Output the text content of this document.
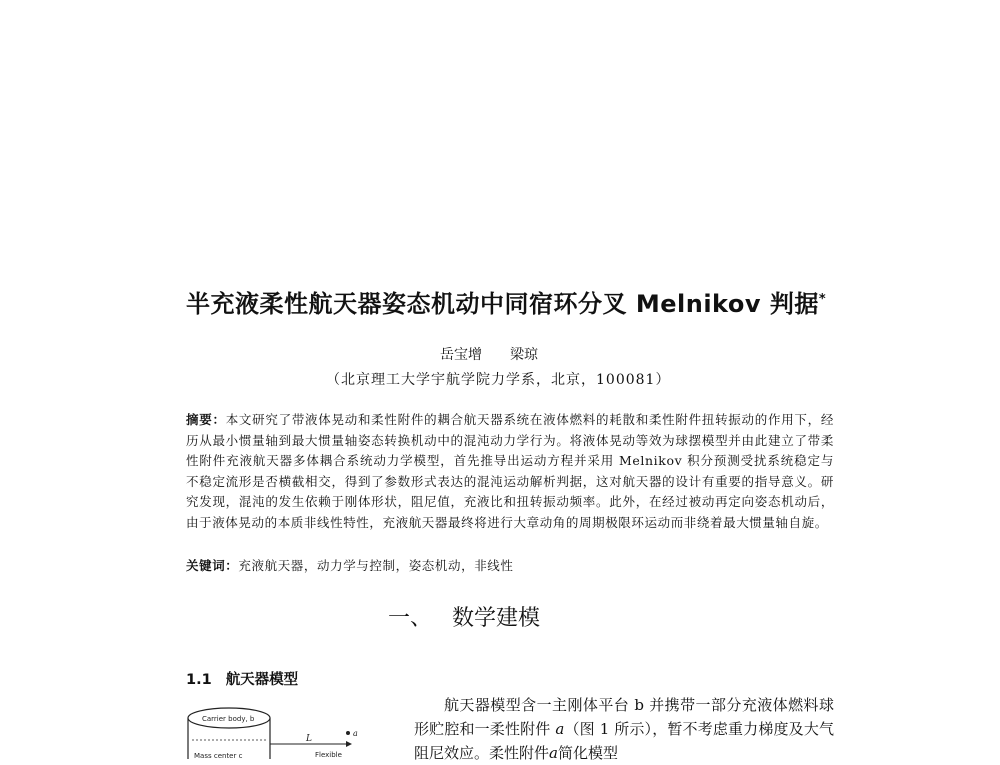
半充液柔性航天器姿态机动中同宿环分叉 Melnikov 判据*
岳宝增 梁琼
（北京理工大学宇航学院力学系，北京，100081）
摘要：本文研究了带液体晃动和柔性附件的耦合航天器系统在液体燃料的耗散和柔性附件扭转振动的作用下，经历从最小惯量轴到最大惯量轴姿态转换机动中的混沌动力学行为。将液体晃动等效为球摆模型并由此建立了带柔性附件充液航天器多体耦合系统动力学模型，首先推导出运动方程并采用 Melnikov 积分预测受扰系统稳定与不稳定流形是否横截相交，得到了参数形式表达的混沌运动解析判据，这对航天器的设计有重要的指导意义。研究发现，混沌的发生依赖于刚体形状，阻尼值，充液比和扭转振动频率。此外，在经过被动再定向姿态机动后，由于液体晃动的本质非线性特性，充液航天器最终将进行大章动角的周期极限环运动而非绕着最大惯量轴自旋。
关键词：充液航天器，动力学与控制，姿态机动，非线性
一、 数学建模
1.1 航天器模型
Carrier body, b
Mass center c
L
a
Flexible

航天器模型含一主刚体平台 b 并携带一部分充液体燃料球形贮腔和一柔性附件 a（图 1 所示），暂不考虑重力梯度及大气阻尼效应。柔性附件a简化模型
